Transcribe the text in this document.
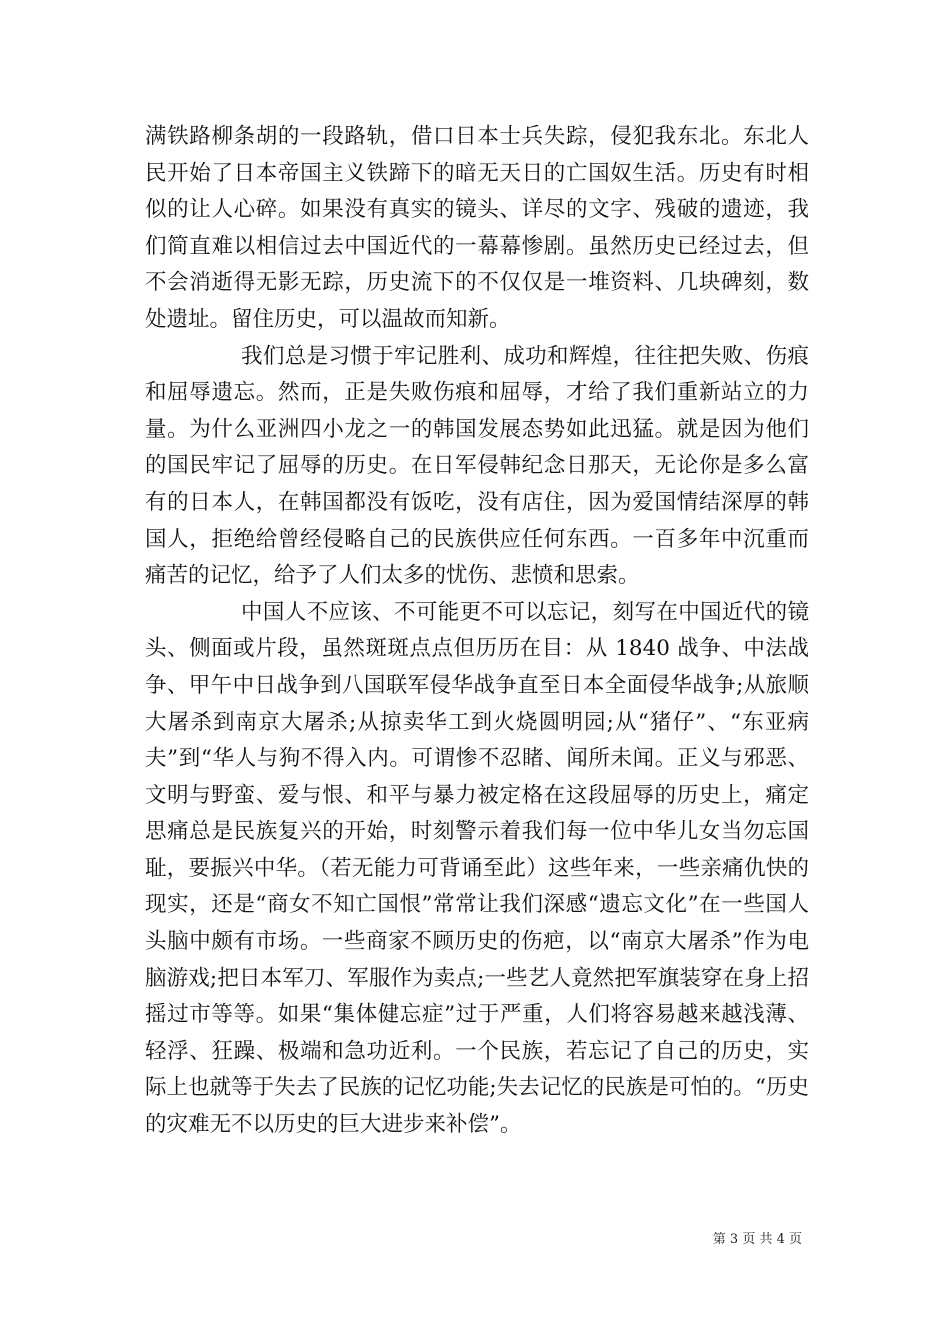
满铁路柳条胡的一段路轨，借口日本士兵失踪，侵犯我东北。东北人民开始了日本帝国主义铁蹄下的暗无天日的亡国奴生活。历史有时相似的让人心碎。如果没有真实的镜头、详尽的文字、残破的遗迹，我们简直难以相信过去中国近代的一幕幕惨剧。虽然历史已经过去，但不会消逝得无影无踪，历史流下的不仅仅是一堆资料、几块碑刻，数处遗址。留住历史，可以温故而知新。

我们总是习惯于牢记胜利、成功和辉煌，往往把失败、伤痕和屈辱遗忘。然而，正是失败伤痕和屈辱，才给了我们重新站立的力量。为什么亚洲四小龙之一的韩国发展态势如此迅猛。就是因为他们的国民牢记了屈辱的历史。在日军侵韩纪念日那天，无论你是多么富有的日本人，在韩国都没有饭吃，没有店住，因为爱国情结深厚的韩国人，拒绝给曾经侵略自己的民族供应任何东西。一百多年中沉重而痛苦的记忆，给予了人们太多的忧伤、悲愤和思索。

中国人不应该、不可能更不可以忘记，刻写在中国近代的镜头、侧面或片段，虽然斑斑点点但历历在目：从 1840 战争、中法战争、甲午中日战争到八国联军侵华战争直至日本全面侵华战争;从旅顺大屠杀到南京大屠杀;从掠卖华工到火烧圆明园;从“猪仔”、“东亚病夫”到“华人与狗不得入内。可谓惨不忍睹、闻所未闻。正义与邪恶、文明与野蛮、爱与恨、和平与暴力被定格在这段屈辱的历史上，痛定思痛总是民族复兴的开始，时刻警示着我们每一位中华儿女当勿忘国耻，要振兴中华。（若无能力可背诵至此）这些年来，一些亲痛仇快的现实，还是“商女不知亡国恨”常常让我们深感“遗忘文化”在一些国人头脑中颇有市场。一些商家不顾历史的伤疤，以“南京大屠杀”作为电脑游戏;把日本军刀、军服作为卖点;一些艺人竟然把军旗装穿在身上招摇过市等等。如果“集体健忘症”过于严重，人们将容易越来越浅薄、轻浮、狂躁、极端和急功近利。一个民族，若忘记了自己的历史，实际上也就等于失去了民族的记忆功能;失去记忆的民族是可怕的。“历史的灾难无不以历史的巨大进步来补偿”。

第 3 页 共 4 页
